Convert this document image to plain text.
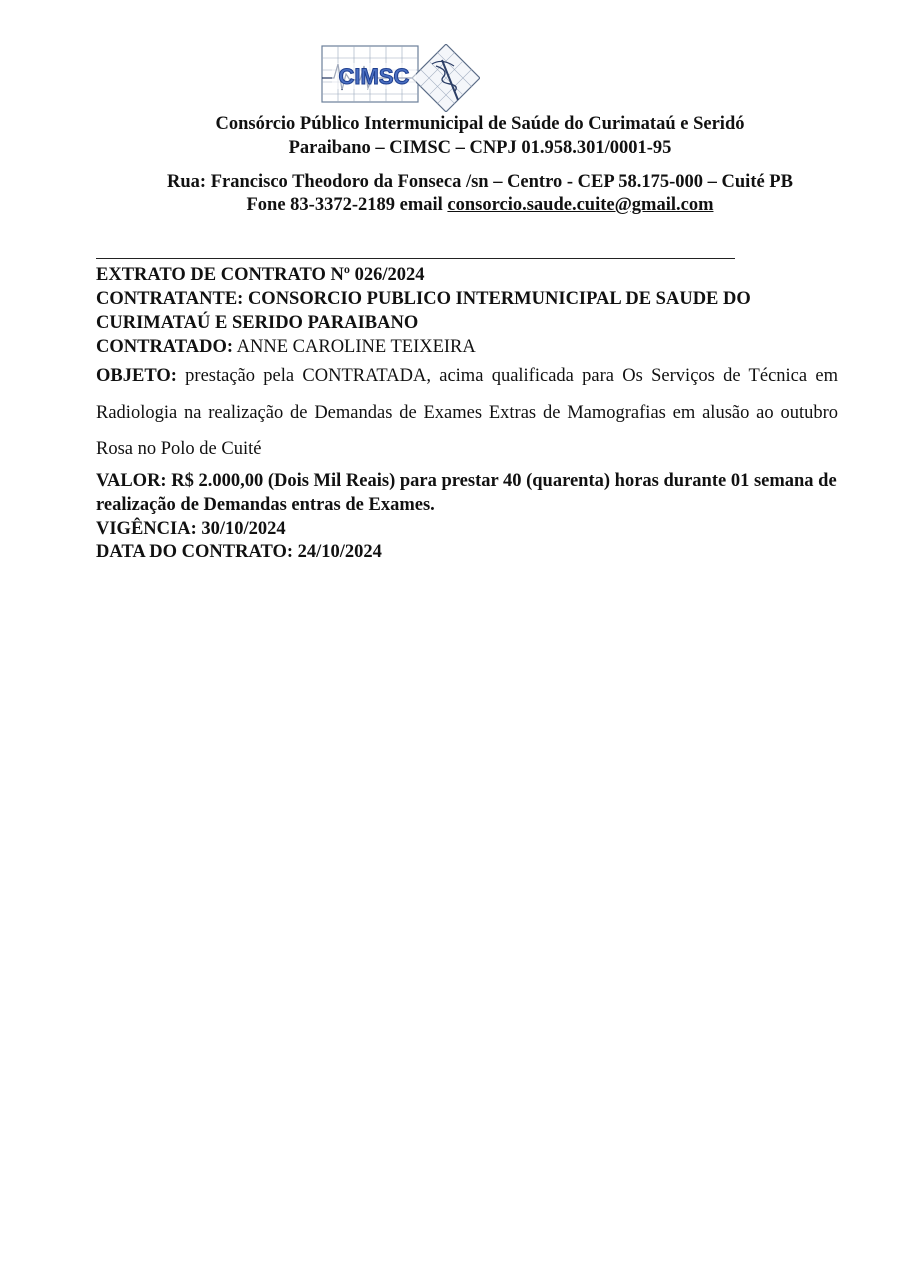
CIMSC
Consórcio Público Intermunicipal de Saúde do Curimataú e Seridó
Paraibano – CIMSC – CNPJ 01.958.301/0001-95
Rua: Francisco Theodoro da Fonseca /sn – Centro - CEP 58.175-000 – Cuité PB
Fone 83-3372-2189 email consorcio.saude.cuite@gmail.com
EXTRATO DE CONTRATO Nº 026/2024
CONTRATANTE: CONSORCIO PUBLICO INTERMUNICIPAL DE SAUDE DO CURIMATAÚ E SERIDO PARAIBANO
CONTRATADO: ANNE CAROLINE TEIXEIRA
OBJETO: prestação pela CONTRATADA, acima qualificada para Os Serviços de Técnica em Radiologia na realização de Demandas de Exames Extras de Mamografias em alusão ao outubro Rosa no Polo de Cuité
VALOR: R$ 2.000,00 (Dois Mil Reais) para prestar 40 (quarenta) horas durante 01 semana de realização de Demandas entras de Exames.
VIGÊNCIA: 30/10/2024
DATA DO CONTRATO: 24/10/2024
